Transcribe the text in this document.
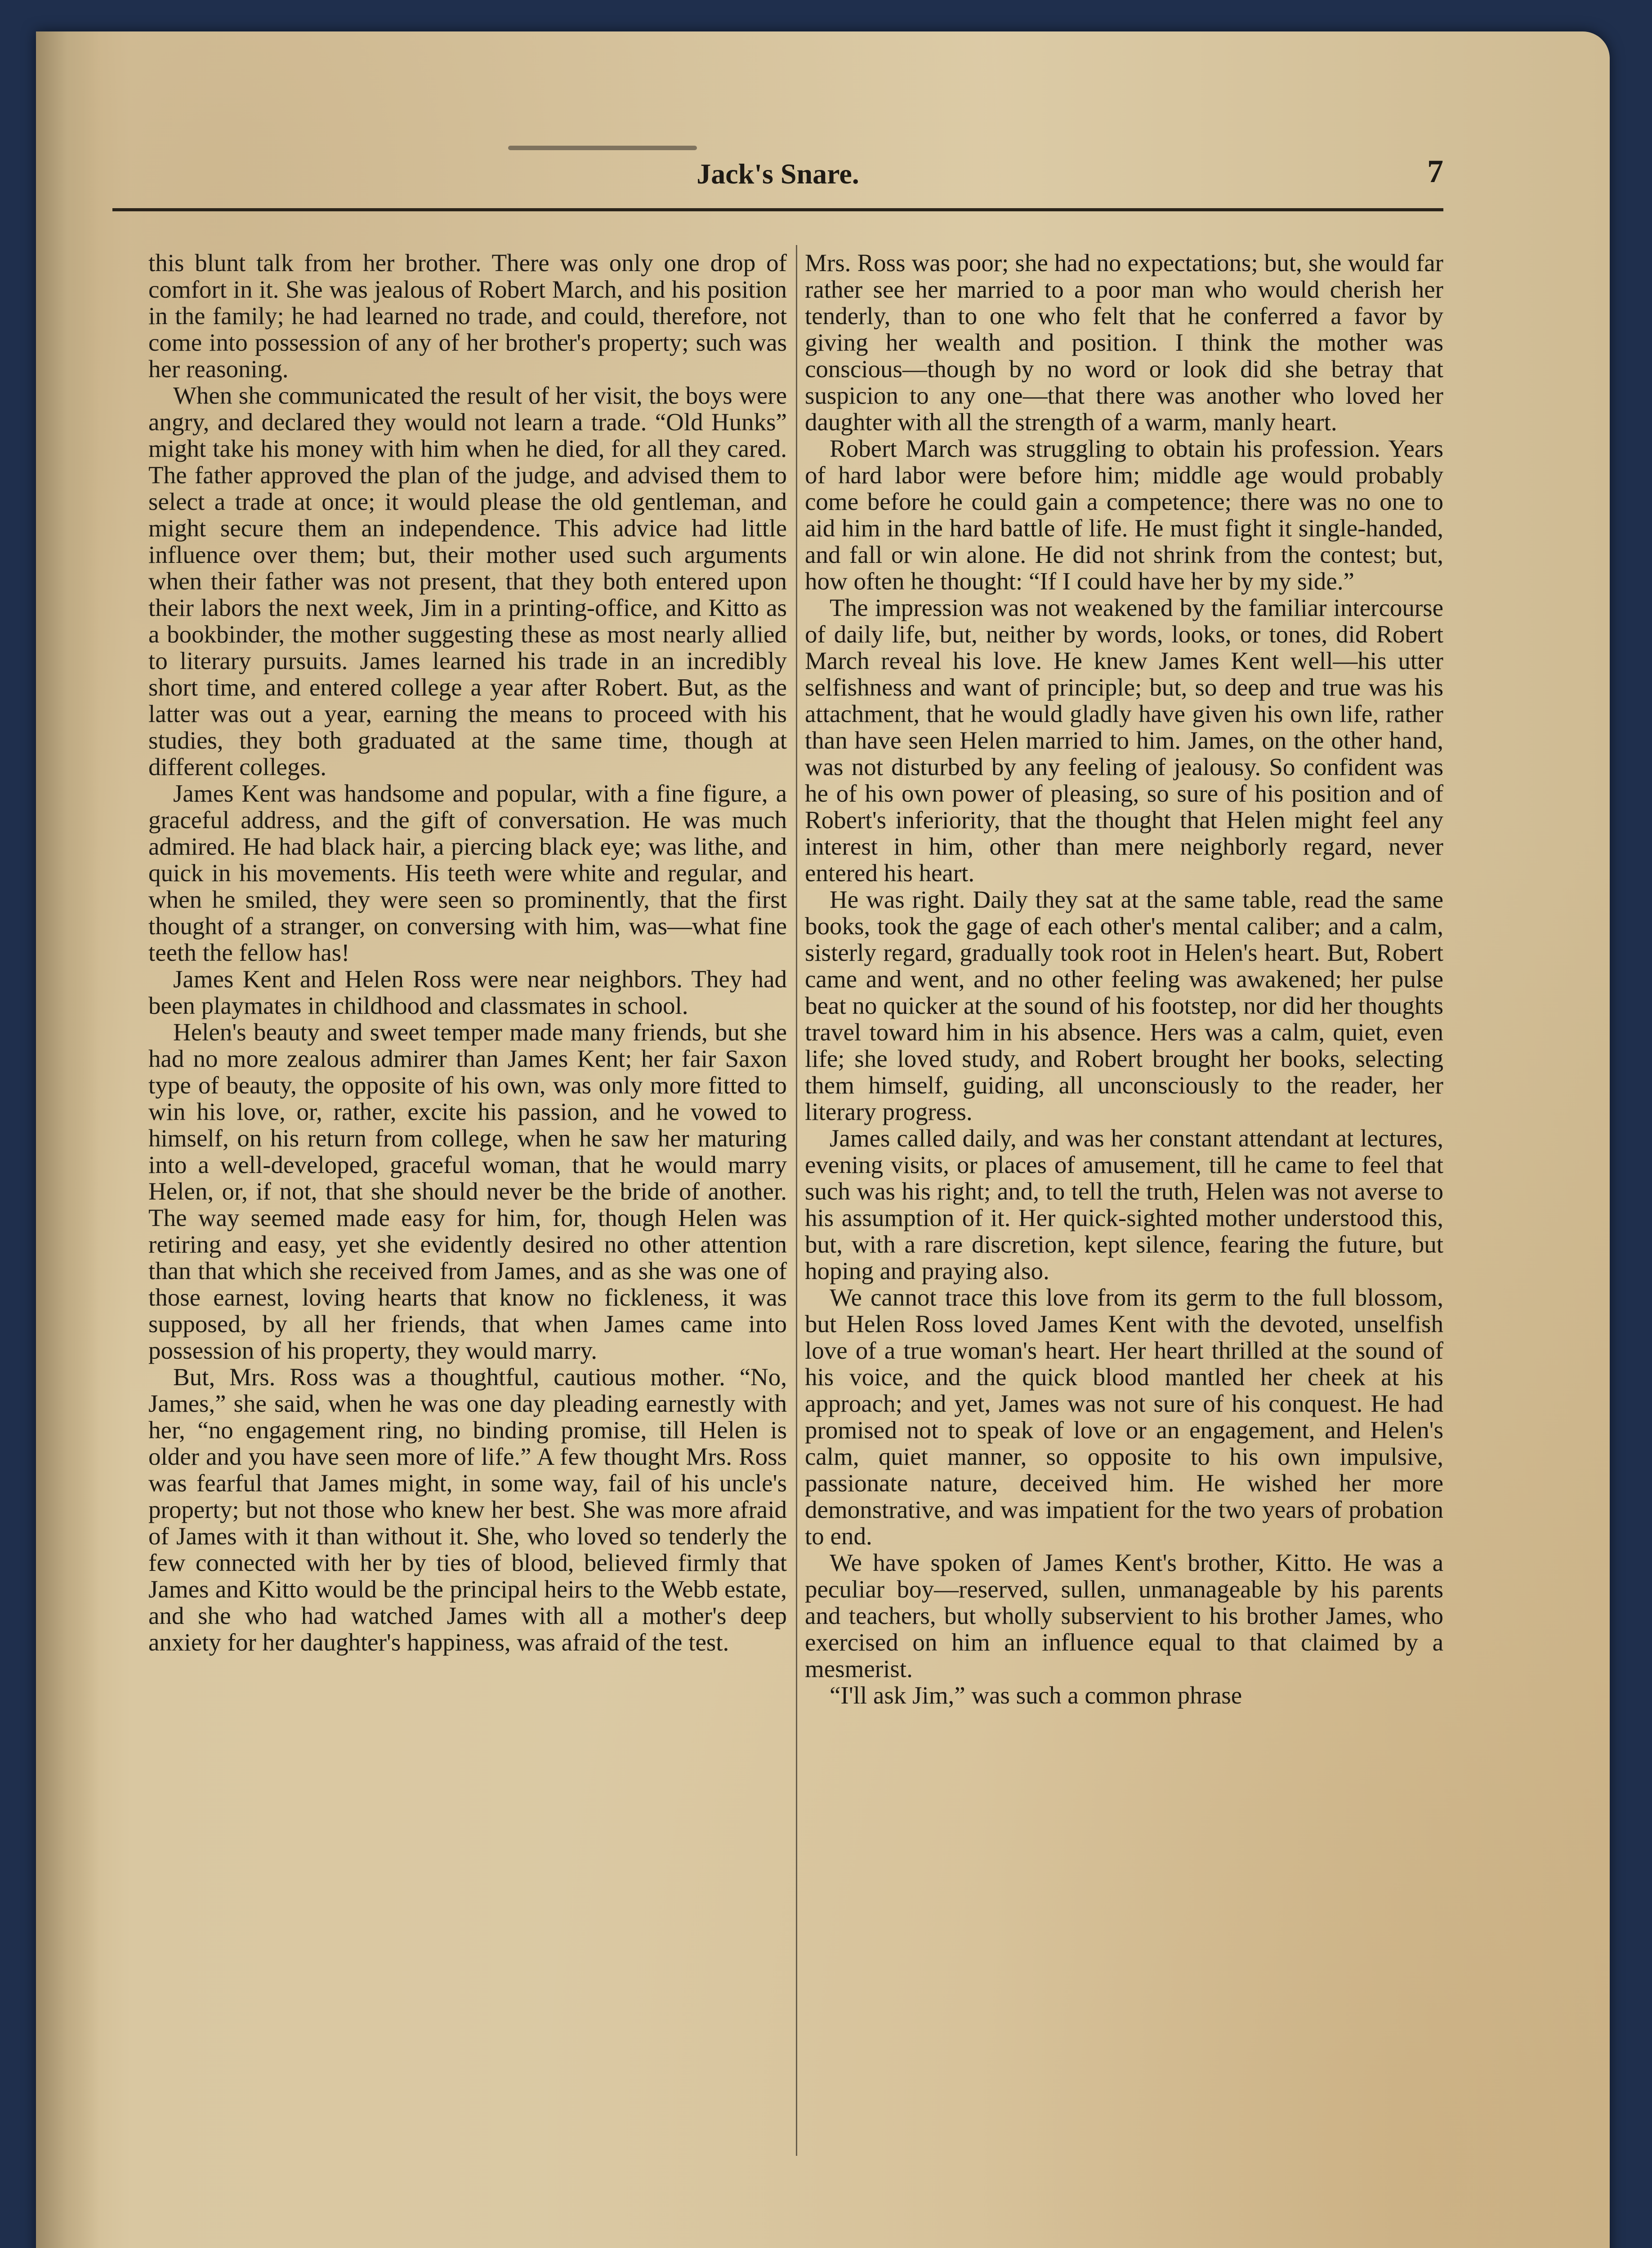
Jack's Snare.	7

this blunt talk from her brother. There was only one drop of comfort in it. She was jealous of Robert March, and his position in the family; he had learned no trade, and could, therefore, not come into possession of any of her brother's property; such was her reasoning.

When she communicated the result of her visit, the boys were angry, and declared they would not learn a trade. “Old Hunks” might take his money with him when he died, for all they cared. The father approved the plan of the judge, and advised them to select a trade at once; it would please the old gentleman, and might secure them an independence. This advice had little influence over them; but, their mother used such arguments when their father was not present, that they both entered upon their labors the next week, Jim in a printing-office, and Kitto as a bookbinder, the mother suggesting these as most nearly allied to literary pursuits. James learned his trade in an incredibly short time, and entered college a year after Robert. But, as the latter was out a year, earning the means to proceed with his studies, they both graduated at the same time, though at different colleges.

James Kent was handsome and popular, with a fine figure, a graceful address, and the gift of conversation. He was much admired. He had black hair, a piercing black eye; was lithe, and quick in his movements. His teeth were white and regular, and when he smiled, they were seen so prominently, that the first thought of a stranger, on conversing with him, was—what fine teeth the fellow has!

James Kent and Helen Ross were near neighbors. They had been playmates in childhood and classmates in school.

Helen's beauty and sweet temper made many friends, but she had no more zealous admirer than James Kent; her fair Saxon type of beauty, the opposite of his own, was only more fitted to win his love, or, rather, excite his passion, and he vowed to himself, on his return from college, when he saw her maturing into a well-developed, graceful woman, that he would marry Helen, or, if not, that she should never be the bride of another. The way seemed made easy for him, for, though Helen was retiring and easy, yet she evidently desired no other attention than that which she received from James, and as she was one of those earnest, loving hearts that know no fickleness, it was supposed, by all her friends, that when James came into possession of his property, they would marry.

But, Mrs. Ross was a thoughtful, cautious mother. “No, James,” she said, when he was one day pleading earnestly with her, “no engagement ring, no binding promise, till Helen is older and you have seen more of life.” A few thought Mrs. Ross was fearful that James might, in some way, fail of his uncle's property; but not those who knew her best. She was more afraid of James with it than without it. She, who loved so tenderly the few connected with her by ties of blood, believed firmly that James and Kitto would be the principal heirs to the Webb estate, and she who had watched James with all a mother's deep anxiety for her daughter's happiness, was afraid of the test.

Mrs. Ross was poor; she had no expectations; but, she would far rather see her married to a poor man who would cherish her tenderly, than to one who felt that he conferred a favor by giving her wealth and position. I think the mother was conscious—though by no word or look did she betray that suspicion to any one—that there was another who loved her daughter with all the strength of a warm, manly heart.

Robert March was struggling to obtain his profession. Years of hard labor were before him; middle age would probably come before he could gain a competence; there was no one to aid him in the hard battle of life. He must fight it single-handed, and fall or win alone. He did not shrink from the contest; but, how often he thought: “If I could have her by my side.”

The impression was not weakened by the familiar intercourse of daily life, but, neither by words, looks, or tones, did Robert March reveal his love. He knew James Kent well—his utter selfishness and want of principle; but, so deep and true was his attachment, that he would gladly have given his own life, rather than have seen Helen married to him. James, on the other hand, was not disturbed by any feeling of jealousy. So confident was he of his own power of pleasing, so sure of his position and of Robert's inferiority, that the thought that Helen might feel any interest in him, other than mere neighborly regard, never entered his heart.

He was right. Daily they sat at the same table, read the same books, took the gage of each other's mental caliber; and a calm, sisterly regard, gradually took root in Helen's heart. But, Robert came and went, and no other feeling was awakened; her pulse beat no quicker at the sound of his footstep, nor did her thoughts travel toward him in his absence. Hers was a calm, quiet, even life; she loved study, and Robert brought her books, selecting them himself, guiding, all unconsciously to the reader, her literary progress.

James called daily, and was her constant attendant at lectures, evening visits, or places of amusement, till he came to feel that such was his right; and, to tell the truth, Helen was not averse to his assumption of it. Her quick-sighted mother understood this, but, with a rare discretion, kept silence, fearing the future, but hoping and praying also.

We cannot trace this love from its germ to the full blossom, but Helen Ross loved James Kent with the devoted, unselfish love of a true woman's heart. Her heart thrilled at the sound of his voice, and the quick blood mantled her cheek at his approach; and yet, James was not sure of his conquest. He had promised not to speak of love or an engagement, and Helen's calm, quiet manner, so opposite to his own impulsive, passionate nature, deceived him. He wished her more demonstrative, and was impatient for the two years of probation to end.

We have spoken of James Kent's brother, Kitto. He was a peculiar boy—reserved, sullen, unmanageable by his parents and teachers, but wholly subservient to his brother James, who exercised on him an influence equal to that claimed by a mesmerist.

“I'll ask Jim,” was such a common phrase
